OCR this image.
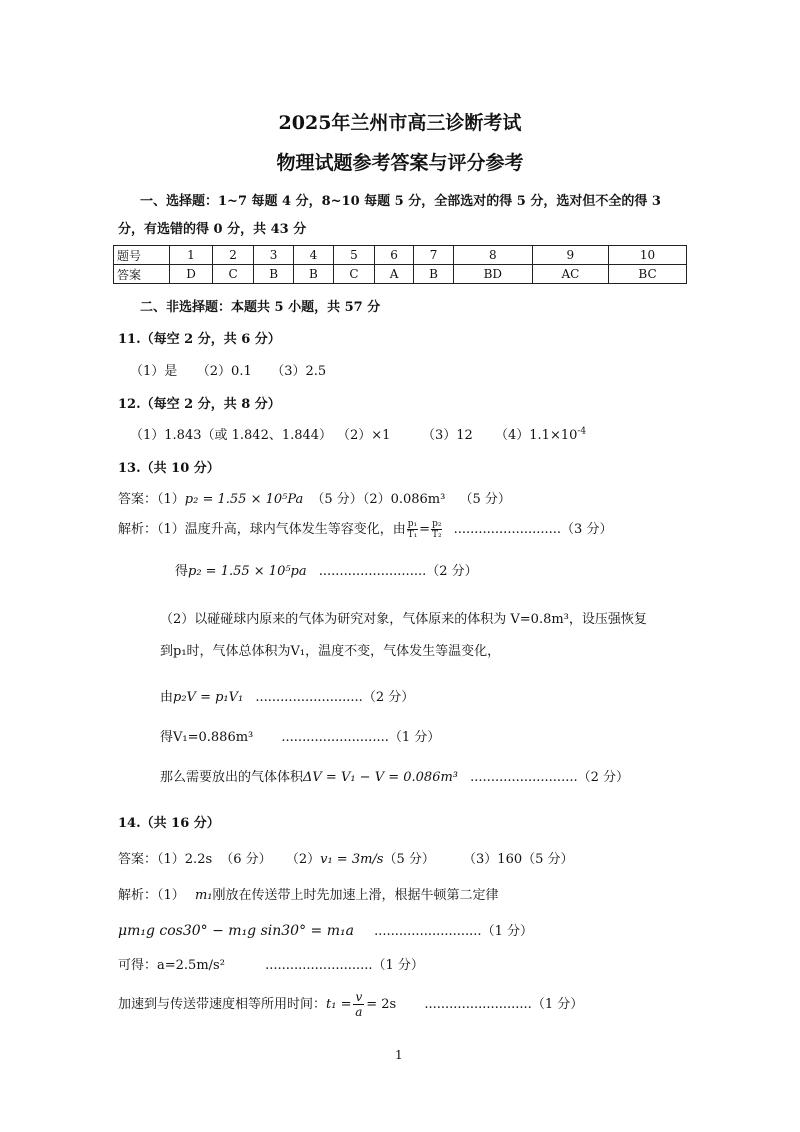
2025年兰州市高三诊断考试
物理试题参考答案与评分参考
一、选择题：1~7 每题 4 分，8~10 每题 5 分，全部选对的得 5 分，选对但不全的得 3
分，有选错的得 0 分，共 43 分
题号	1	2	3	4	5	6	7	8	9	10
答案	D	C	B	B	C	A	B	BD	AC	BC
二、非选择题：本题共 5 小题，共 57 分
11.（每空 2 分，共 6 分）
（1）是　　（2）0.1　　（3）2.5
12.（每空 2 分，共 8 分）
（1）1.843（或 1.842、1.844） （2）×1 （3）12 $(4)1.1\times 10^{-4}$
13.（共 10 分）
答案：（1）p₂ = 1.55 × 10⁵Pa （5 分）（2）0.086m³ （5 分）
解析：（1）温度升高，球内气体发生等容变化，由 $\frac{\text{p₁}}{\text{T₁}} = \frac{\text{p₂}}{\text{T₂}} ..........................(3$ 分）
得p₂ = 1.55 × 10⁵pa ..........................（2 分）
（2）以碰碰球内原来的气体为研究对象，气体原来的体积为 V=0.8m³，设压强恢复
到p₁时，气体总体积为V₁，温度不变，气体发生等温变化，
由p₂V = p₁V₁ ..........................（2 分）
得V₁=0.886m³ ..........................（1 分）
那么需要放出的气体体积ΔV = V₁ − V = 0.086m³ ..........................（2 分）
14.（共 16 分）
答案：（1）2.2s （6 分） （2）v₁ = 3m/s（5 分） （3）160（5 分）
解析：（1） m₁刚放在传送带上时先加速上滑，根据牛顿第二定律
μm₁g cos30° − m₁g sin30° = m₁a ..........................（1 分）
可得：a=2.5m/s²	..........................（1 分）
加速到与传送带速度相等所用时间：$t_1 = \frac{v}{a} = 2s$ ..........................（1 分）
1
